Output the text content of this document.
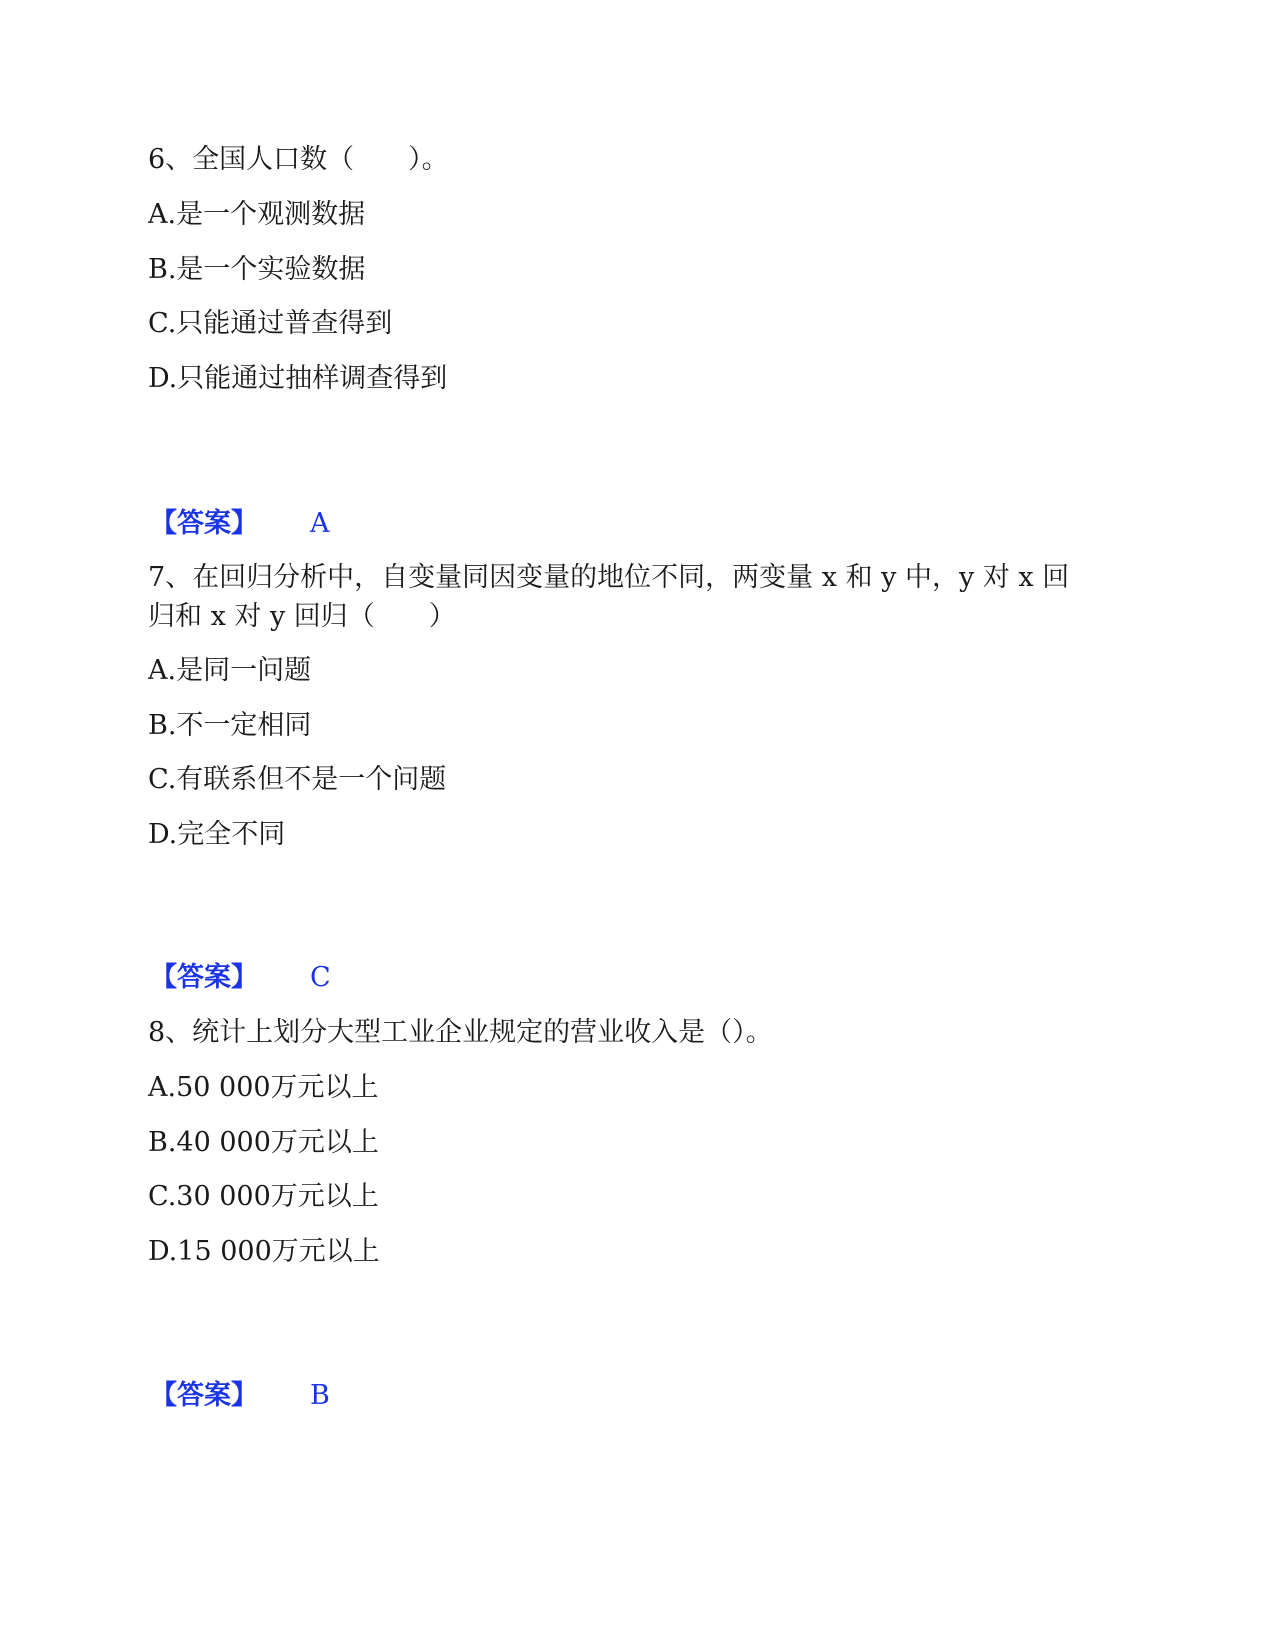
6、全国人口数（　　）。
A.是一个观测数据
B.是一个实验数据
C.只能通过普查得到
D.只能通过抽样调查得到
【答案】 A
7、在回归分析中，自变量同因变量的地位不同，两变量 x 和 y 中，y 对 x 回
归和 x 对 y 回归（　　）
A.是同一问题
B.不一定相同
C.有联系但不是一个问题
D.完全不同
【答案】 C
8、统计上划分大型工业企业规定的营业收入是（）。
A.50 000万元以上
B.40 000万元以上
C.30 000万元以上
D.15 000万元以上
【答案】 B
